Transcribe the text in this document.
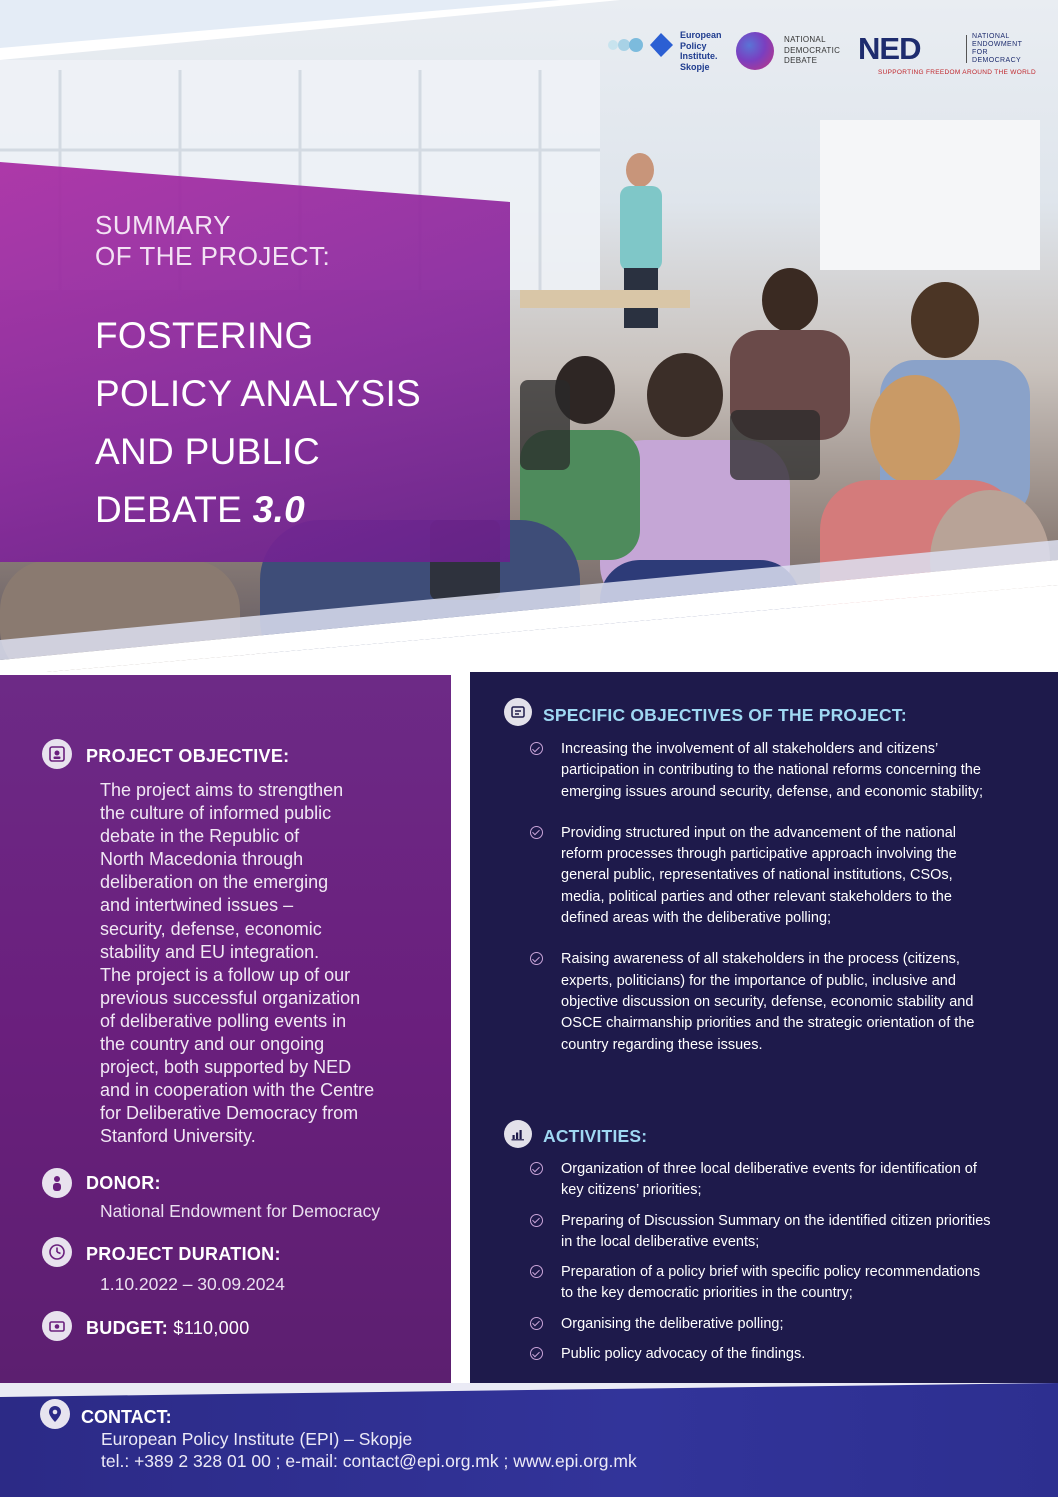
European
Policy
Institute.
Skopje
NATIONAL
DEMOCRATIC
DEBATE	NED	NATIONAL
ENDOWMENT
FOR
DEMOCRACY
SUPPORTING FREEDOM AROUND THE WORLD
SUMMARY
OF THE PROJECT:
FOSTERING
POLICY ANALYSIS
AND PUBLIC
DEBATE 3.0
PROJECT OBJECTIVE:
The project aims to strengthen
the culture of informed public
debate in the Republic of
North Macedonia through
deliberation on the emerging
and intertwined issues –
security, defense, economic
stability and EU integration.
The project is a follow up of our
previous successful organization
of deliberative polling events in
the country and our ongoing
project, both supported by NED
and in cooperation with the Centre
for Deliberative Democracy from
Stanford University.
DONOR:
National Endowment for Democracy
PROJECT DURATION:
1.10.2022 – 30.09.2024
BUDGET: $110,000
SPECIFIC OBJECTIVES OF THE PROJECT:
Increasing the involvement of all stakeholders and citizens’
participation in contributing to the national reforms concerning the
emerging issues around security, defense, and economic stability;
Providing structured input on the advancement of the national
reform processes through participative approach involving the
general public, representatives of national institutions, CSOs,
media, political parties and other relevant stakeholders to the
defined areas with the deliberative polling;
Raising awareness of all stakeholders in the process (citizens,
experts, politicians) for the importance of public, inclusive and
objective discussion on security, defense, economic stability and
OSCE chairmanship priorities and the strategic orientation of the
country regarding these issues.
ACTIVITIES:
Organization of three local deliberative events for identification of
key citizens’ priorities;
Preparing of Discussion Summary on the identified citizen priorities
in the local deliberative events;
Preparation of a policy brief with specific policy recommendations
to the key democratic priorities in the country;
Organising the deliberative polling;
Public policy advocacy of the findings.
CONTACT:
European Policy Institute (EPI) – Skopje
tel.: +389 2 328 01 00 ; e-mail: contact@epi.org.mk ; www.epi.org.mk
